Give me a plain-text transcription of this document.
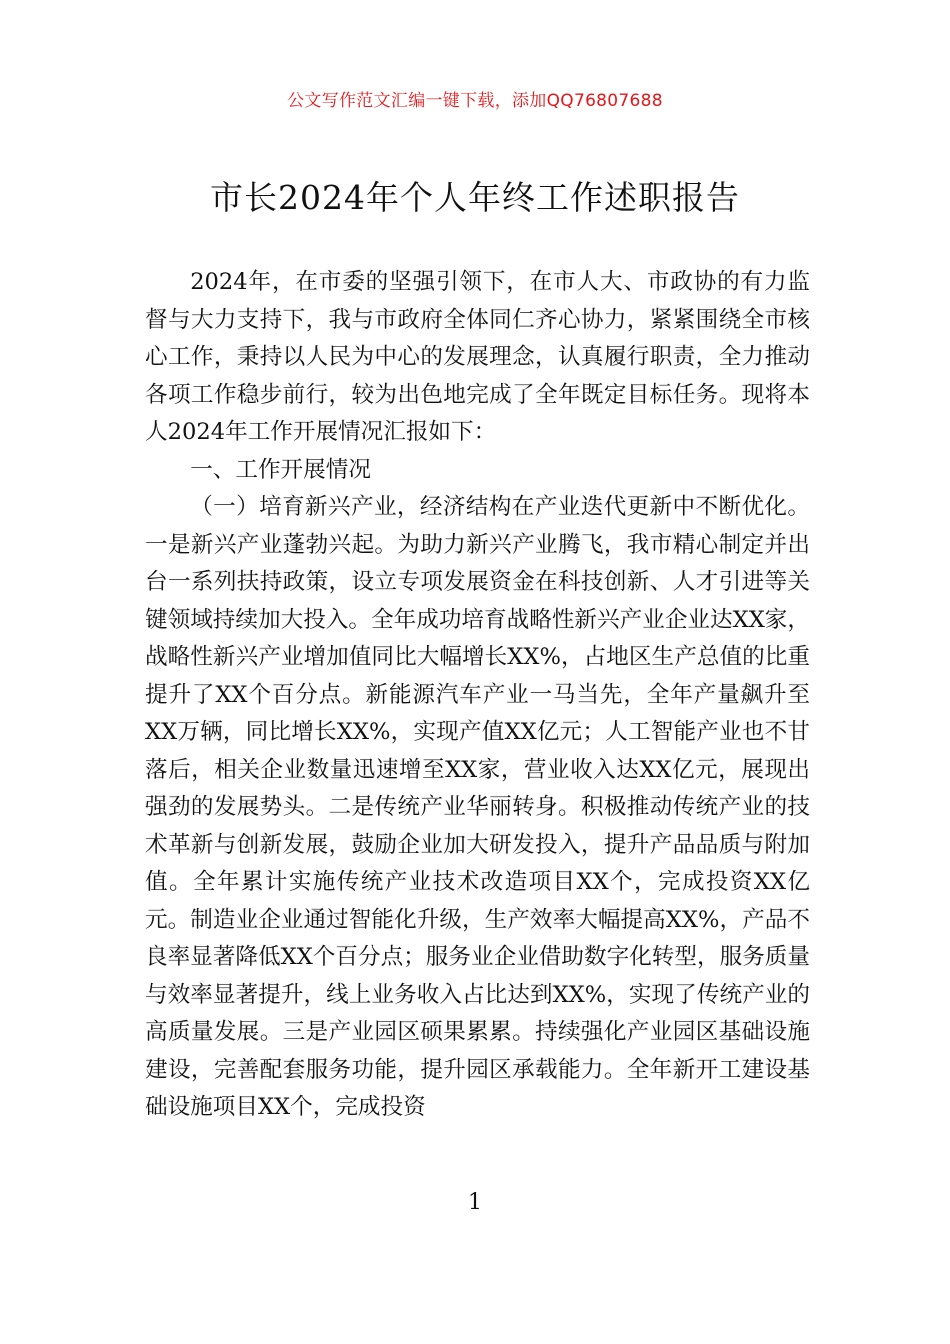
公文写作范文汇编一键下载，添加QQ76807688
市长2024年个人年终工作述职报告

2024年，在市委的坚强引领下，在市人大、市政协的有力监督与大力支持下，我与市政府全体同仁齐心协力，紧紧围绕全市核心工作，秉持以人民为中心的发展理念，认真履行职责，全力推动各项工作稳步前行，较为出色地完成了全年既定目标任务。现将本人2024年工作开展情况汇报如下：

一、工作开展情况

（一）培育新兴产业，经济结构在产业迭代更新中不断优化。一是新兴产业蓬勃兴起。为助力新兴产业腾飞，我市精心制定并出台一系列扶持政策，设立专项发展资金在科技创新、人才引进等关键领域持续加大投入。全年成功培育战略性新兴产业企业达XX家，战略性新兴产业增加值同比大幅增长XX%，占地区生产总值的比重提升了XX个百分点。新能源汽车产业一马当先，全年产量飙升至XX万辆，同比增长XX%，实现产值XX亿元；人工智能产业也不甘落后，相关企业数量迅速增至XX家，营业收入达XX亿元，展现出强劲的发展势头。二是传统产业华丽转身。积极推动传统产业的技术革新与创新发展，鼓励企业加大研发投入，提升产品品质与附加值。全年累计实施传统产业技术改造项目XX个，完成投资XX亿元。制造业企业通过智能化升级，生产效率大幅提高XX%，产品不良率显著降低XX个百分点；服务业企业借助数字化转型，服务质量与效率显著提升，线上业务收入占比达到XX%，实现了传统产业的高质量发展。三是产业园区硕果累累。持续强化产业园区基础设施建设，完善配套服务功能，提升园区承载能力。全年新开工建设基础设施项目XX个，完成投资

1
